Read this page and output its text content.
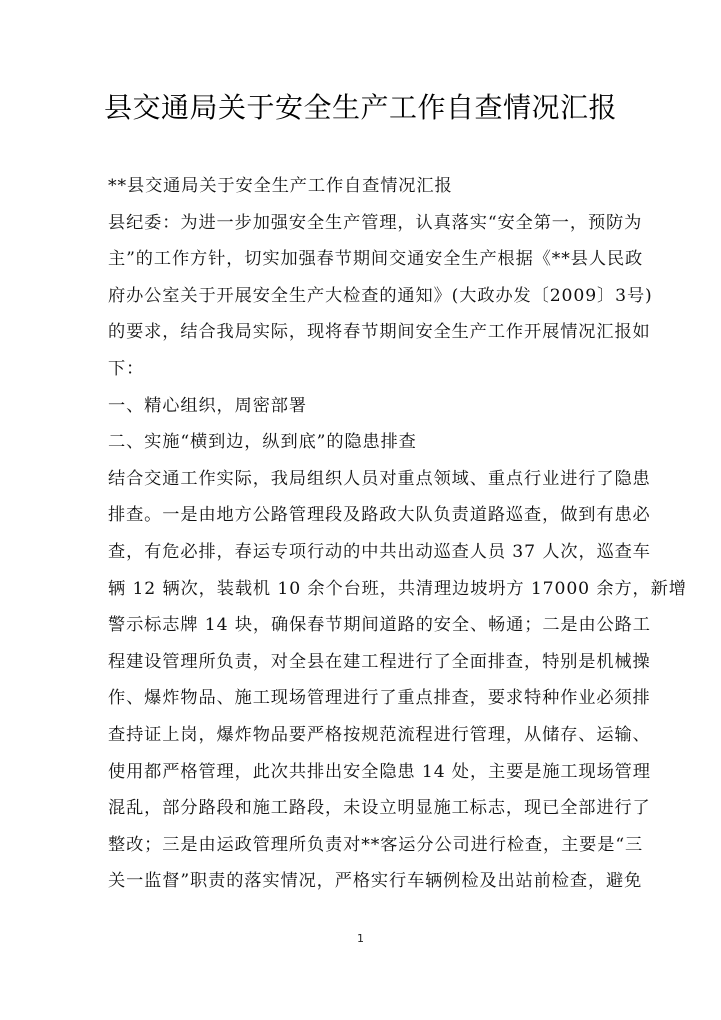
县交通局关于安全生产工作自查情况汇报
**县交通局关于安全生产工作自查情况汇报
县纪委：为进一步加强安全生产管理，认真落实“安全第一，预防为
主”的工作方针，切实加强春节期间交通安全生产根据《**县人民政
府办公室关于开展安全生产大检查的通知》(大政办发〔2009〕3号)
的要求，结合我局实际，现将春节期间安全生产工作开展情况汇报如
下：
一、精心组织，周密部署
二、实施“横到边，纵到底”的隐患排查
结合交通工作实际，我局组织人员对重点领域、重点行业进行了隐患
排查。一是由地方公路管理段及路政大队负责道路巡查，做到有患必
查，有危必排，春运专项行动的中共出动巡查人员 37 人次，巡查车
辆 12 辆次，装载机 10 余个台班，共清理边坡坍方 17000 余方，新增
警示标志牌 14 块，确保春节期间道路的安全、畅通；二是由公路工
程建设管理所负责，对全县在建工程进行了全面排查，特别是机械操
作、爆炸物品、施工现场管理进行了重点排查，要求特种作业必须排
查持证上岗，爆炸物品要严格按规范流程进行管理，从储存、运输、
使用都严格管理，此次共排出安全隐患 14 处，主要是施工现场管理
混乱，部分路段和施工路段，未设立明显施工标志，现已全部进行了
整改；三是由运政管理所负责对**客运分公司进行检查，主要是“三
关一监督”职责的落实情况，严格实行车辆例检及出站前检查，避免
1
